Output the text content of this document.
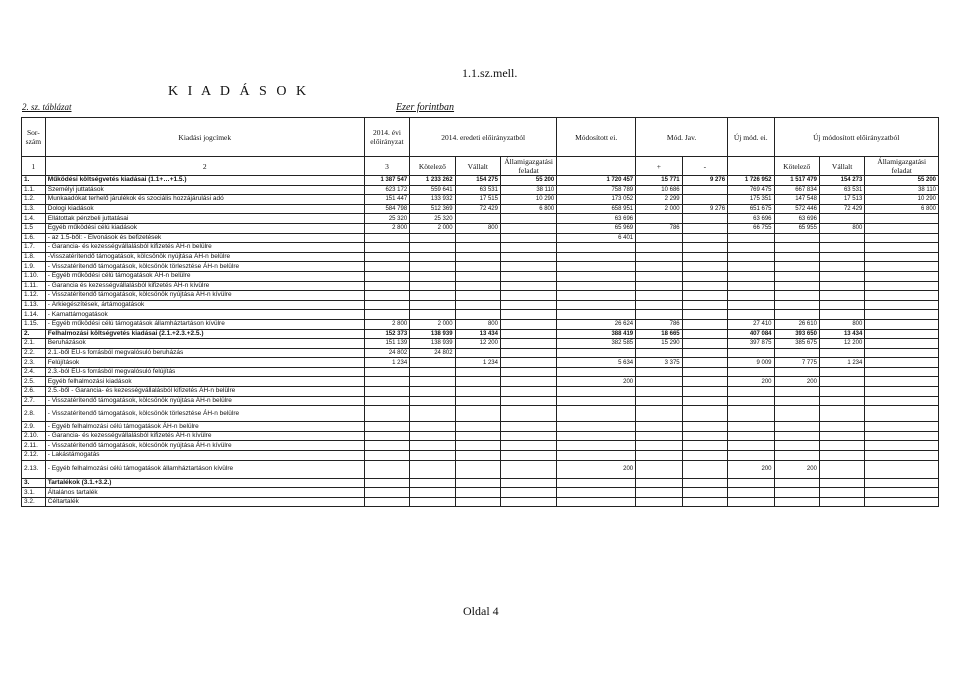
1.1.sz.mell.
K I A D Á S O K
2. sz. táblázat	Ezer forintban
Sor-szám	Kiadási jogcímek	2014. évi előirányzat	2014. eredeti előirányzatból			Módosított ei.	Mód. Jav.		Új mód. ei.	Új módosított előirányzatból		
1	2	3	Kötelező	Vállalt	Államigazgatási feladat		+	-		Kötelező	Vállalt	Államigazgatási feladat
1.	Működési költségvetés kiadásai (1.1+…+1.5.)	1 387 547	1 233 262	154 275	55 200	1 720 457	15 771	9 276	1 726 952	1 517 479	154 273	55 200
1.1.	Személyi juttatások	623 172	559 641	63 531	38 110	758 789	10 686		769 475	667 834	63 531	38 110
1.2.	Munkaadókat terhelő járulékok és szociális hozzájárulási adó	151 447	133 932	17 515	10 290	173 052	2 299		175 351	147 548	17 513	10 290
1.3.	Dologi kiadások	584 798	512 369	72 429	6 800	658 951	2 000	9 276	651 675	572 446	72 429	6 800
1.4.	Ellátottak pénzbeli juttatásai	25 320	25 320			63 696			63 696	63 696		
1.5	Egyéb működési célú kiadások	2 800	2 000	800		65 969	786		66 755	65 955	800	
1.6.	- az 1.5-ből: - Elvonások és befizetések					6 401						
1.7.	- Garancia- és kezességvállalásból kifizetés ÁH-n belülre											
1.8.	-Visszatérítendő támogatások, kölcsönök nyújtása ÁH-n belülre											
1.9.	- Visszatérítendő támogatások, kölcsönök törlesztése ÁH-n belülre											
1.10.	- Egyéb működési célú támogatások ÁH-n belülre											
1.11.	- Garancia és kezességvállalásból kifizetés ÁH-n kívülre											
1.12.	- Visszatérítendő támogatások, kölcsönök nyújtása ÁH-n kívülre											
1.13.	- Árkiegészítések, ártámogatások											
1.14.	- Kamattámogatások											
1.15.	- Egyéb működési célú támogatások államháztartáson kívülre	2 800	2 000	800		26 624	786		27 410	26 610	800	
2.	Felhalmozási költségvetés kiadásai (2.1.+2.3.+2.5.)	152 373	138 939	13 434		388 419	18 665		407 084	393 650	13 434	
2.1.	Beruházások	151 139	138 939	12 200		382 585	15 290		397 875	385 675	12 200	
2.2.	2.1.-ből EU-s forrásból megvalósuló beruházás	24 802	24 802									
2.3.	Felújítások	1 234		1 234		5 634	3 375		9 009	7 775	1 234	
2.4.	2.3.-ból EU-s forrásból megvalósuló felújítás											
2.5.	Egyéb felhalmozási kiadások					200			200	200		
2.6.	2.5.-ből - Garancia- és kezességvállalásból kifizetés ÁH-n belülre											
2.7.	- Visszatérítendő támogatások, kölcsönök nyújtása ÁH-n belülre											
2.8.	- Visszatérítendő támogatások, kölcsönök törlesztése ÁH-n belülre											
2.9.	- Egyéb felhalmozási célú támogatások ÁH-n belülre											
2.10.	- Garancia- és kezességvállalásból kifizetés ÁH-n kívülre											
2.11.	- Visszatérítendő támogatások, kölcsönök nyújtása ÁH-n kívülre											
2.12.	- Lakástámogatás											
2.13.	- Egyéb felhalmozási célú támogatások államháztartáson kívülre					200			200	200		
3.	Tartalékok (3.1.+3.2.)											
3.1.	Általános tartalék											
3.2.	Céltartalék											
Oldal 4
